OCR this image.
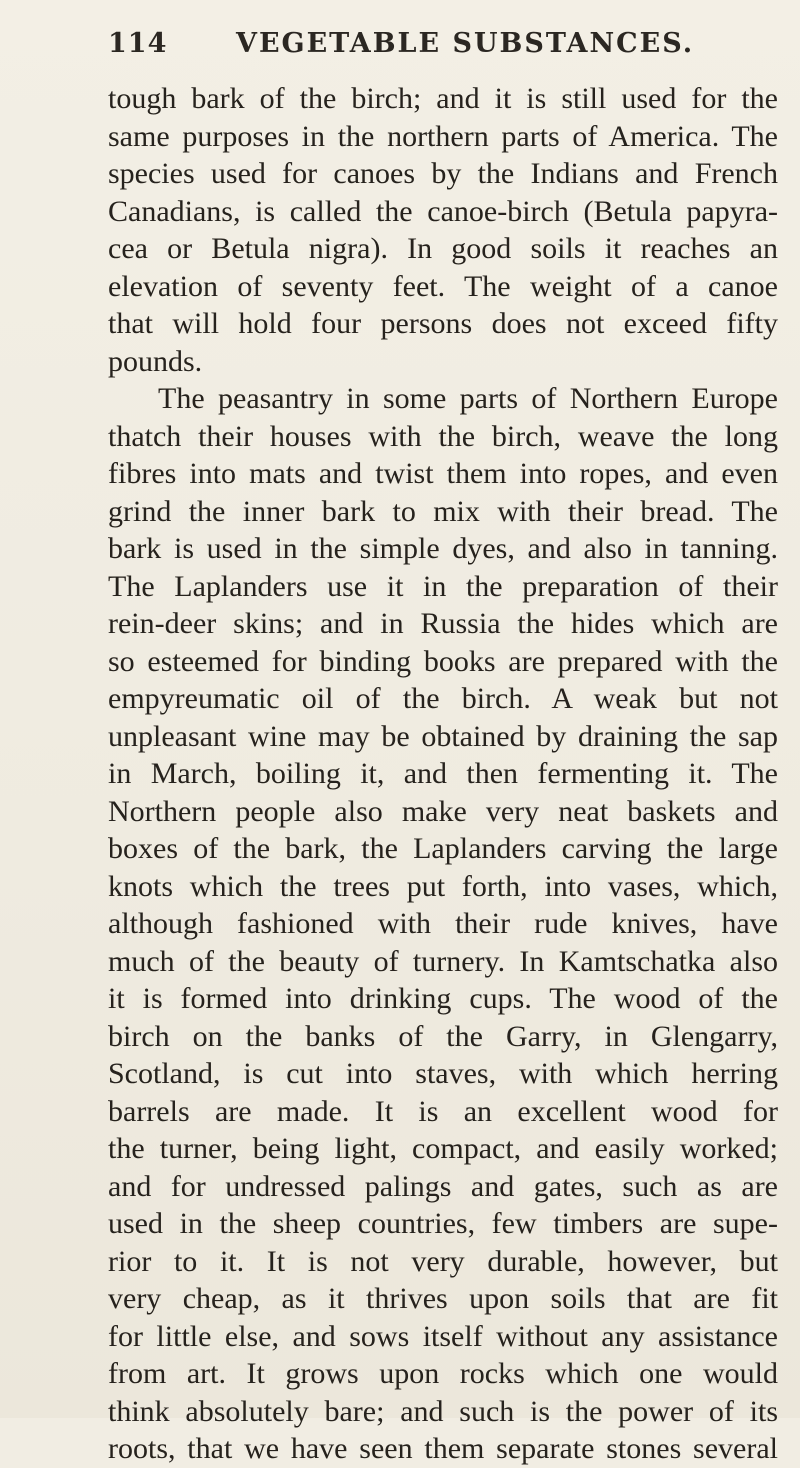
114	VEGETABLE SUBSTANCES.
tough bark of the birch; and it is still used for the
same purposes in the northern parts of America. The
species used for canoes by the Indians and French
Canadians, is called the canoe-birch (Betula papyra-
cea or Betula nigra). In good soils it reaches an
elevation of seventy feet. The weight of a canoe
that will hold four persons does not exceed fifty
pounds.
The peasantry in some parts of Northern Europe
thatch their houses with the birch, weave the long
fibres into mats and twist them into ropes, and even
grind the inner bark to mix with their bread. The
bark is used in the simple dyes, and also in tanning.
The Laplanders use it in the preparation of their
rein-deer skins; and in Russia the hides which are
so esteemed for binding books are prepared with the
empyreumatic oil of the birch. A weak but not
unpleasant wine may be obtained by draining the sap
in March, boiling it, and then fermenting it. The
Northern people also make very neat baskets and
boxes of the bark, the Laplanders carving the large
knots which the trees put forth, into vases, which,
although fashioned with their rude knives, have
much of the beauty of turnery. In Kamtschatka also
it is formed into drinking cups. The wood of the
birch on the banks of the Garry, in Glengarry,
Scotland, is cut into staves, with which herring
barrels are made. It is an excellent wood for
the turner, being light, compact, and easily worked;
and for undressed palings and gates, such as are
used in the sheep countries, few timbers are supe-
rior to it. It is not very durable, however, but
very cheap, as it thrives upon soils that are fit
for little else, and sows itself without any assistance
from art. It grows upon rocks which one would
think absolutely bare; and such is the power of its
roots, that we have seen them separate stones several
